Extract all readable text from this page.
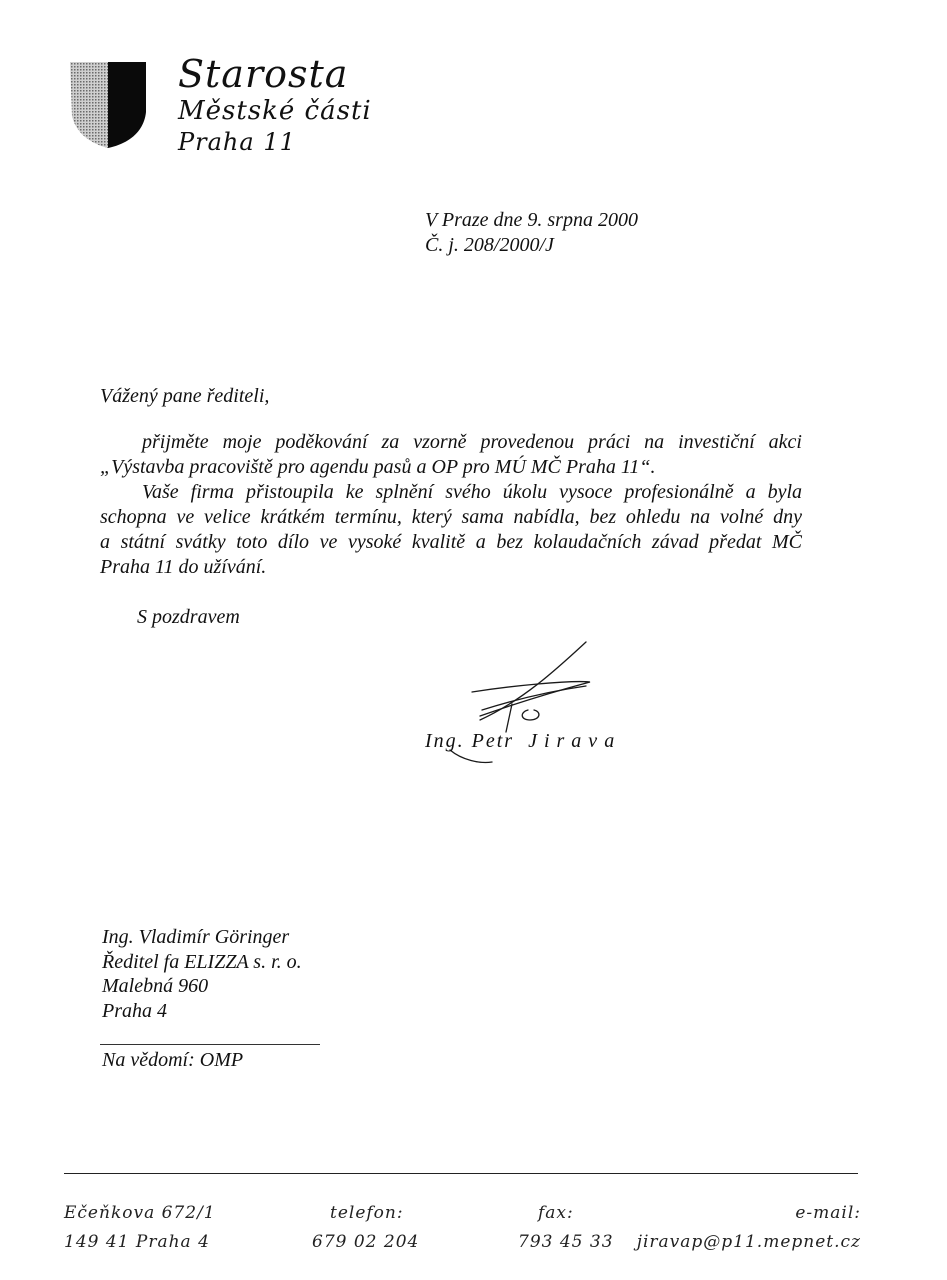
Starosta
Městské části
Praha 11
V Praze dne 9. srpna 2000
Č. j. 208/2000/J
Vážený pane řediteli,
přijměte moje poděkování za vzorně provedenou práci na investiční akci
„Výstavba pracoviště pro agendu pasů a OP pro MÚ MČ Praha 11“.
Vaše firma přistoupila ke splnění svého úkolu vysoce profesionálně a byla
schopna ve velice krátkém termínu, který sama nabídla, bez ohledu na volné dny
a státní svátky toto dílo ve vysoké kvalitě a bez kolaudačních závad předat MČ
Praha 11 do užívání.
S pozdravem
Ing. Petr Jirava
Ing. Vladimír Göringer
Ředitel fa ELIZZA s. r. o.
Malebná 960
Praha 4
Na vědomí: OMP
Ečeňkova 672/1
149 41 Praha 4
telefon:
679 02 204
fax:
793 45 33
e-mail:
jiravap@p11.mepnet.cz
